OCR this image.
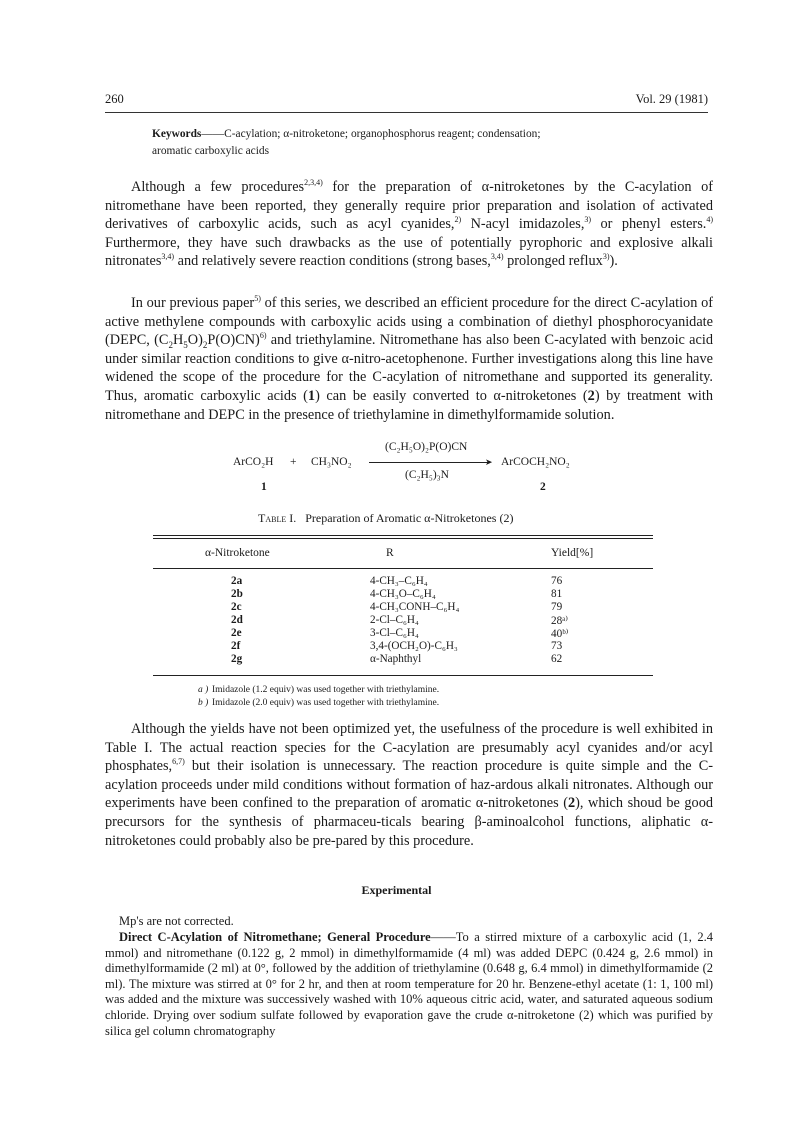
260	Vol. 29 (1981)
Keywords——C-acylation; α-nitroketone; organophosphorus reagent; condensation;
aromatic carboxylic acids

Although a few procedures$^{2,3,4)}$ for the preparation of α-nitroketones by the C-acylation of nitromethane have been reported, they generally require prior preparation and isolation of activated derivatives of carboxylic acids, such as acyl cyanides,$^{2)}$ N-acyl imidazoles,$^{3)}$ or phenyl esters.$^{4)}$ Furthermore, they have such drawbacks as the use of potentially pyrophoric and explosive alkali nitronates$^{3,4)}$ and relatively severe reaction conditions (strong bases,$^{3,4)}$ prolonged reflux$^{3)}$).

In our previous paper$^{5)}$ of this series, we described an efficient procedure for the direct C-acylation of active methylene compounds with carboxylic acids using a combination of diethyl phosphorocyanidate (DEPC, $(C_2H_5O)_2P(O)CN)^{6)}$ and triethylamine. Nitromethane has also been C-acylated with benzoic acid under similar reaction conditions to give α-nitro-acetophenone. Further investigations along this line have widened the scope of the procedure for the C-acylation of nitromethane and supported its generality. Thus, aromatic carboxylic acids (1) can be easily converted to α-nitroketones (2) by treatment with nitromethane and DEPC in the presence of triethylamine in dimethylformamide solution.

ArCO₂H + CH₃NO₂
(C₂H₅O)₂P(O)CN
➤
(C₂H₅)₃N
ArCOCH₂NO₂
1	2
Table I. Preparation of Aromatic α-Nitroketones (2)
α-Nitroketone	R	Yield[%]
2a	4-CH₃–C₆H₄	76
2b	4-CH₃O–C₆H₄	81
2c	4-CH₃CONH–C₆H₄	79
2d	2-Cl–C₆H₄	28ᵃ⁾
2e	3-Cl–C₆H₄	40ᵇ⁾
2f	3,4-(OCH₂O)-C₆H₃	73
2g	α-Naphthyl	62
a ) Imidazole (1.2 equiv) was used together with triethylamine.
b ) Imidazole (2.0 equiv) was used together with triethylamine.

Although the yields have not been optimized yet, the usefulness of the procedure is well exhibited in Table I. The actual reaction species for the C-acylation are presumably acyl cyanides and/or acyl phosphates,$^{6,7)}$ but their isolation is unnecessary. The reaction procedure is quite simple and the C-acylation proceeds under mild conditions without formation of haz-ardous alkali nitronates. Although our experiments have been confined to the preparation of aromatic α-nitroketones (2), which shoud be good precursors for the synthesis of pharmaceu-ticals bearing β-aminoalcohol functions, aliphatic α-nitroketones could probably also be pre-pared by this procedure.

Experimental

Mp's are not corrected.

Direct C-Acylation of Nitromethane; General Procedure——To a stirred mixture of a carboxylic acid (1, 2.4 mmol) and nitromethane (0.122 g, 2 mmol) in dimethylformamide (4 ml) was added DEPC (0.424 g, 2.6 mmol) in dimethylformamide (2 ml) at 0°, followed by the addition of triethylamine (0.648 g, 6.4 mmol) in dimethylformamide (2 ml). The mixture was stirred at 0° for 2 hr, and then at room temperature for 20 hr. Benzene-ethyl acetate (1: 1, 100 ml) was added and the mixture was successively washed with 10% aqueous citric acid, water, and saturated aqueous sodium chloride. Drying over sodium sulfate followed by evaporation gave the crude α-nitroketone (2) which was purified by silica gel column chromatography
